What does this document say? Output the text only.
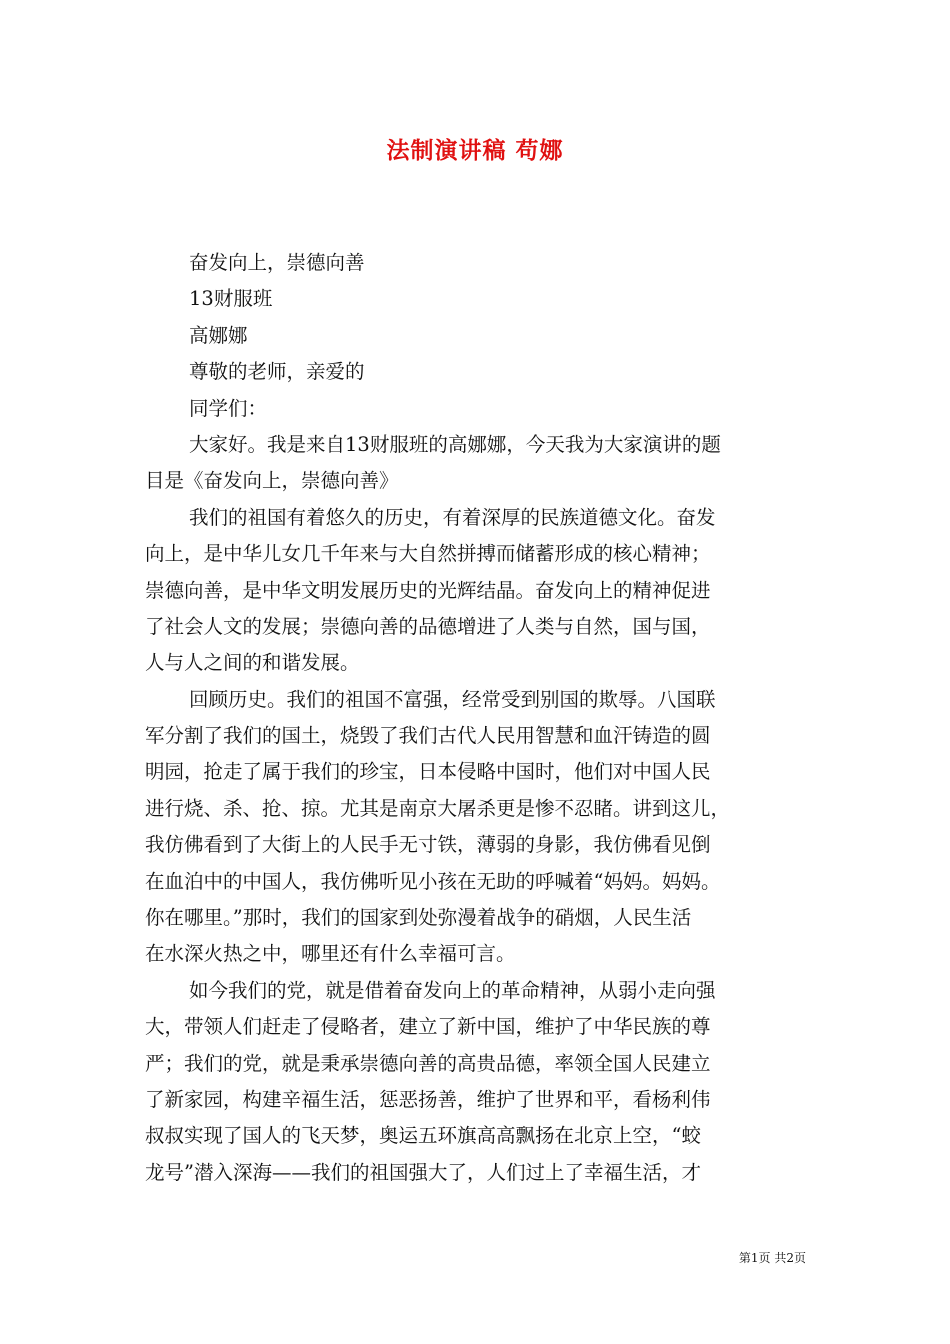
法制演讲稿 苟娜
奋发向上，崇德向善
13财服班
高娜娜
尊敬的老师，亲爱的
同学们：
大家好。我是来自13财服班的高娜娜，今天我为大家演讲的题
目是《奋发向上，崇德向善》
我们的祖国有着悠久的历史，有着深厚的民族道德文化。奋发
向上，是中华儿女几千年来与大自然拼搏而储蓄形成的核心精神；
崇德向善，是中华文明发展历史的光辉结晶。奋发向上的精神促进
了社会人文的发展；崇德向善的品德增进了人类与自然，国与国，
人与人之间的和谐发展。
回顾历史。我们的祖国不富强，经常受到别国的欺辱。八国联
军分割了我们的国土，烧毁了我们古代人民用智慧和血汗铸造的圆
明园，抢走了属于我们的珍宝，日本侵略中国时，他们对中国人民
进行烧、杀、抢、掠。尤其是南京大屠杀更是惨不忍睹。讲到这儿，
我仿佛看到了大街上的人民手无寸铁，薄弱的身影，我仿佛看见倒
在血泊中的中国人，我仿佛听见小孩在无助的呼喊着“妈妈。妈妈。
你在哪里。”那时，我们的国家到处弥漫着战争的硝烟，人民生活
在水深火热之中，哪里还有什么幸福可言。
如今我们的党，就是借着奋发向上的革命精神，从弱小走向强
大，带领人们赶走了侵略者，建立了新中国，维护了中华民族的尊
严；我们的党，就是秉承崇德向善的高贵品德，率领全国人民建立
了新家园，构建辛福生活，惩恶扬善，维护了世界和平，看杨利伟
叔叔实现了国人的飞天梦，奥运五环旗高高飘扬在北京上空，“蛟
龙号”潜入深海——我们的祖国强大了，人们过上了幸福生活，才
第1页 共2页
